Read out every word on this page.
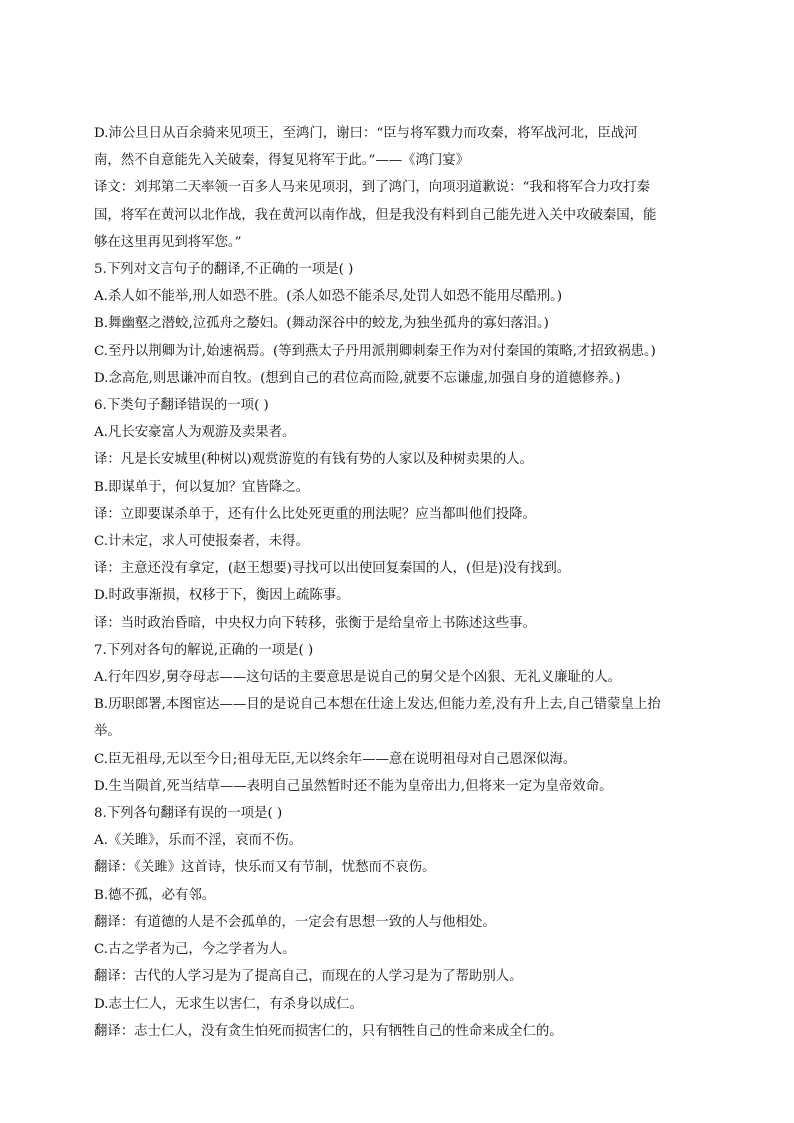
D.沛公旦日从百余骑来见项王，至鸿门，谢曰：“臣与将军戮力而攻秦，将军战河北，臣战河
南，然不自意能先入关破秦，得复见将军于此。”——《鸿门宴》
译文：刘邦第二天率领一百多人马来见项羽，到了鸿门，向项羽道歉说：“我和将军合力攻打秦
国，将军在黄河以北作战，我在黄河以南作战，但是我没有料到自己能先进入关中攻破秦国，能
够在这里再见到将军您。”
5.下列对文言句子的翻译,不正确的一项是( )
A.杀人如不能举,刑人如恐不胜。(杀人如恐不能杀尽,处罚人如恐不能用尽酷刑。)
B.舞幽壑之潜蛟,泣孤舟之嫠妇。(舞动深谷中的蛟龙,为独坐孤舟的寡妇落泪。)
C.至丹以荆卿为计,始速祸焉。(等到燕太子丹用派荆卿刺秦王作为对付秦国的策略,才招致祸患。)
D.念高危,则思谦冲而自牧。(想到自己的君位高而险,就要不忘谦虚,加强自身的道德修养。)
6.下类句子翻译错误的一项( )
A.凡长安豪富人为观游及卖果者。
译：凡是长安城里(种树以)观赏游览的有钱有势的人家以及种树卖果的人。
B.即谋单于，何以复加？宜皆降之。
译：立即要谋杀单于，还有什么比处死更重的刑法呢？应当都叫他们投降。
C.计未定，求人可使报秦者，未得。
译：主意还没有拿定，(赵王想要)寻找可以出使回复秦国的人，(但是)没有找到。
D.时政事渐损，权移于下，衡因上疏陈事。
译：当时政治昏暗，中央权力向下转移，张衡于是给皇帝上书陈述这些事。
7.下列对各句的解说,正确的一项是( )
A.行年四岁,舅夺母志——这句话的主要意思是说自己的舅父是个凶狠、无礼义廉耻的人。
B.历职郎署,本图宦达——目的是说自己本想在仕途上发达,但能力差,没有升上去,自己错蒙皇上抬
举。
C.臣无祖母,无以至今日;祖母无臣,无以终余年——意在说明祖母对自己恩深似海。
D.生当陨首,死当结草——表明自己虽然暂时还不能为皇帝出力,但将来一定为皇帝效命。
8.下列各句翻译有误的一项是( )
A.《关雎》，乐而不淫，哀而不伤。
翻译：《关雎》这首诗，快乐而又有节制，忧愁而不哀伤。
B.德不孤，必有邻。
翻译：有道德的人是不会孤单的，一定会有思想一致的人与他相处。
C.古之学者为己，今之学者为人。
翻译：古代的人学习是为了提高自己，而现在的人学习是为了帮助别人。
D.志士仁人，无求生以害仁，有杀身以成仁。
翻译：志士仁人，没有贪生怕死而损害仁的，只有牺牲自己的性命来成全仁的。
